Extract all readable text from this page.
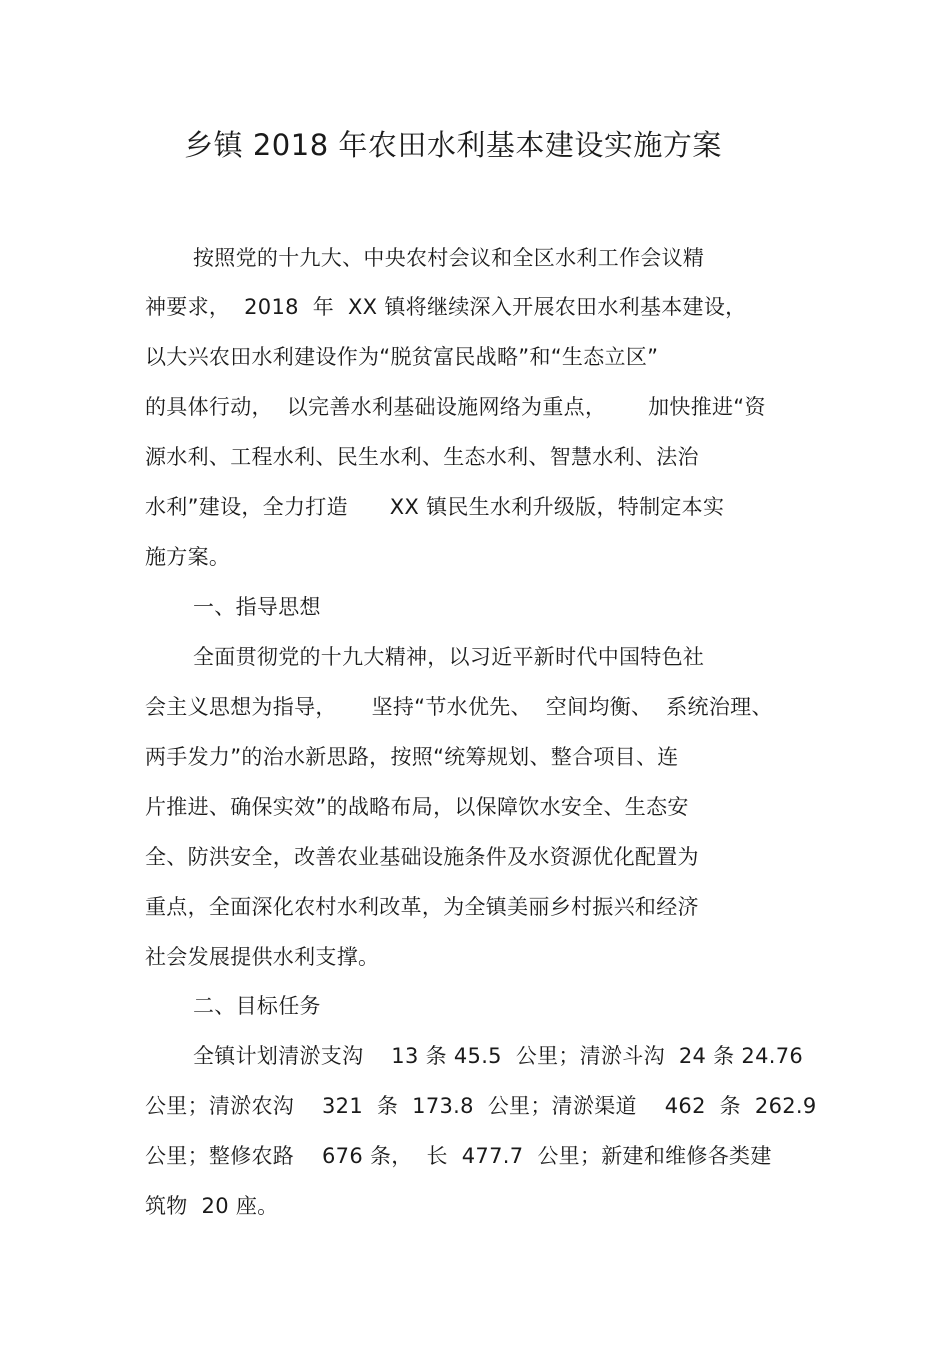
乡镇 2018 年农田水利基本建设实施方案
按照党的十九大、中央农村会议和全区水利工作会议精
神要求，  2018  年  XX 镇将继续深入开展农田水利基本建设，
以大兴农田水利建设作为“脱贫富民战略”和“生态立区”
的具体行动，  以完善水利基础设施网络为重点，      加快推进“资
源水利、工程水利、民生水利、生态水利、智慧水利、法治
水利”建设，全力打造      XX 镇民生水利升级版，特制定本实
施方案。
一、指导思想
全面贯彻党的十九大精神，以习近平新时代中国特色社
会主义思想为指导，     坚持“节水优先、  空间均衡、  系统治理、
两手发力”的治水新思路，按照“统筹规划、整合项目、连
片推进、确保实效”的战略布局，以保障饮水安全、生态安
全、防洪安全，改善农业基础设施条件及水资源优化配置为
重点，全面深化农村水利改革，为全镇美丽乡村振兴和经济
社会发展提供水利支撑。
二、目标任务
全镇计划清淤支沟    13 条 45.5  公里；清淤斗沟  24 条 24.76
公里；清淤农沟    321  条  173.8  公里；清淤渠道    462  条  262.9
公里；整修农路    676 条，  长  477.7  公里；新建和维修各类建
筑物  20 座。
